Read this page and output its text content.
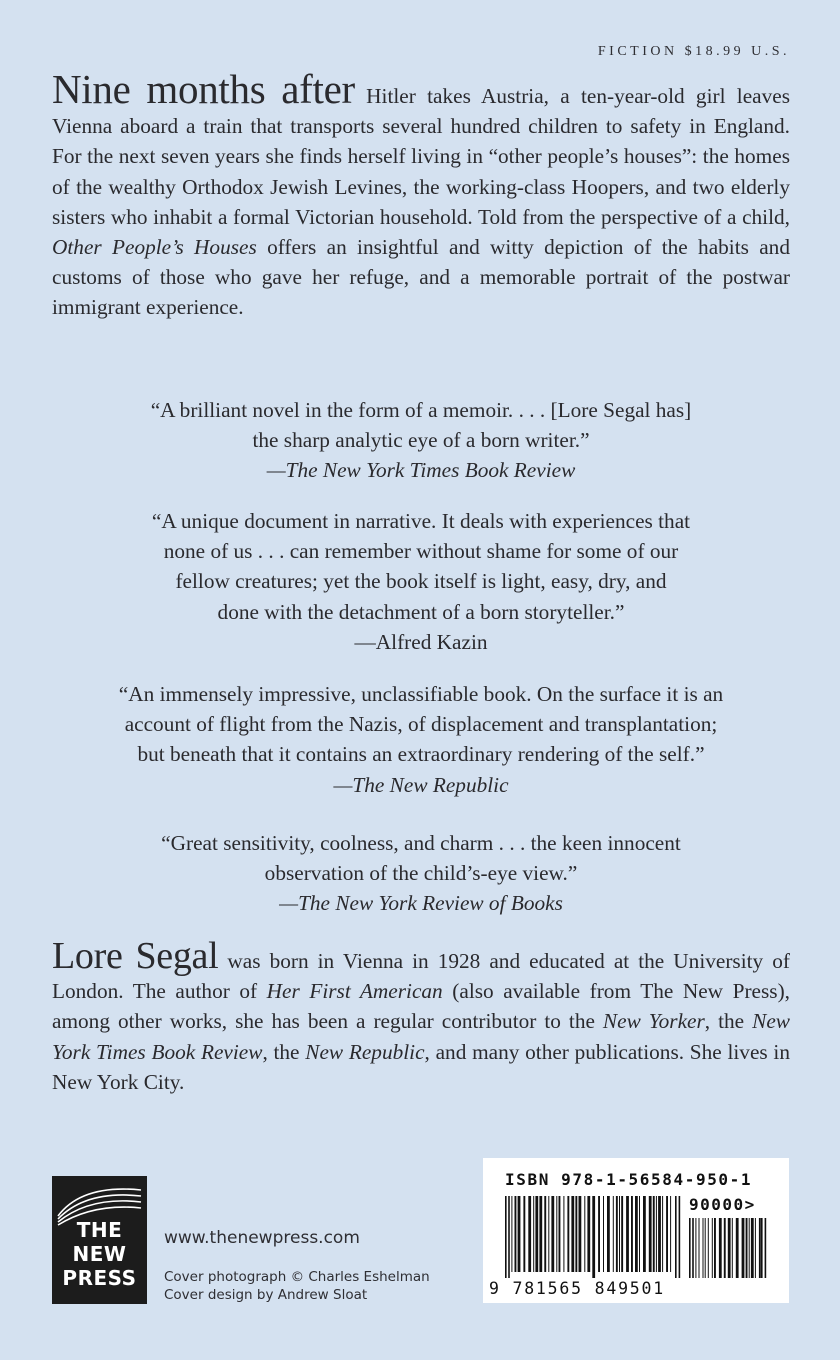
FICTION $18.99 U.S.

Nine months after Hitler takes Austria, a ten-year-old girl leaves Vienna aboard a train that transports several hundred children to safety in England. For the next seven years she finds herself living in “other people’s houses”: the homes of the wealthy Orthodox Jewish Levines, the working-class Hoopers, and two elderly sisters who inhabit a formal Victorian household. Told from the perspective of a child, Other People’s Houses offers an insightful and witty depiction of the habits and customs of those who gave her refuge, and a memorable portrait of the postwar immigrant experience.

“A brilliant novel in the form of a memoir. . . . [Lore Segal has]
the sharp analytic eye of a born writer.”
—The New York Times Book Review
“A unique document in narrative. It deals with experiences that
none of us . . . can remember without shame for some of our
fellow creatures; yet the book itself is light, easy, dry, and
done with the detachment of a born storyteller.”
—Alfred Kazin
“An immensely impressive, unclassifiable book. On the surface it is an
account of flight from the Nazis, of displacement and transplantation;
but beneath that it contains an extraordinary rendering of the self.”
—The New Republic
“Great sensitivity, coolness, and charm . . . the keen innocent
observation of the child’s-eye view.”
—The New York Review of Books

Lore Segal was born in Vienna in 1928 and educated at the University of London. The author of Her First American (also available from The New Press), among other works, she has been a regular contributor to the New Yorker, the New York Times Book Review, the New Republic, and many other publications. She lives in New York City.

THE
NEW
PRESS
www.thenewpress.com
Cover photograph © Charles Eshelman
Cover design by Andrew Sloat
ISBN 978-1-56584-950-1
90000>
9 781565 849501
